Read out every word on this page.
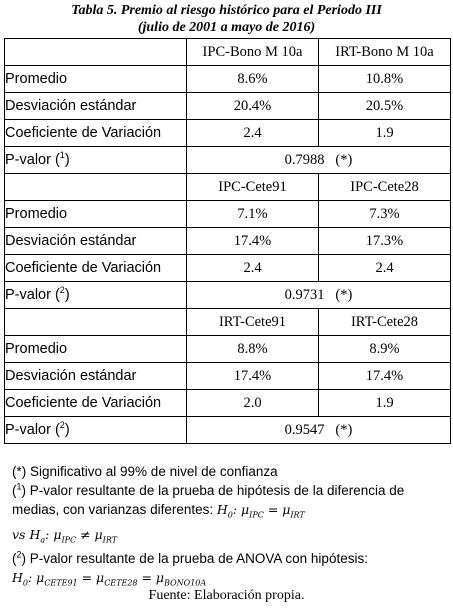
Tabla 5. Premio al riesgo histórico para el Periodo III
(julio de 2001 a mayo de 2016)
	IPC-Bono M 10a	IRT-Bono M 10a
Promedio	8.6%	10.8%
Desviación estándar	20.4%	20.5%
Coeficiente de Variación	2.4	1.9
P-valor ($^1$)	0.7988 (*)	
	IPC-Cete91	IPC-Cete28
Promedio	7.1%	7.3%
Desviación estándar	17.4%	17.3%
Coeficiente de Variación	2.4	2.4
P-valor ($^2$)	0.9731 (*)	
	IRT-Cete91	IRT-Cete28
Promedio	8.8%	8.9%
Desviación estándar	17.4%	17.4%
Coeficiente de Variación	2.0	1.9
P-valor ($^2$)	0.9547 (*)	
(*) Significativo al 99% de nivel de confianza
($^1$) P-valor resultante de la prueba de hipótesis de la diferencia de
medias, con varianzas diferentes: $H_0$: $\mu_{IPC} = \mu_{IRT}$
vs $H_a$: $\mu_{IPC} \ne \mu_{IRT}$
($^2$) P-valor resultante de la prueba de ANOVA con hipótesis:
$H_0$: $\mu_{CETE91} = \mu_{CETE28} = \mu_{BONO10A}$
Fuente: Elaboración propia.
